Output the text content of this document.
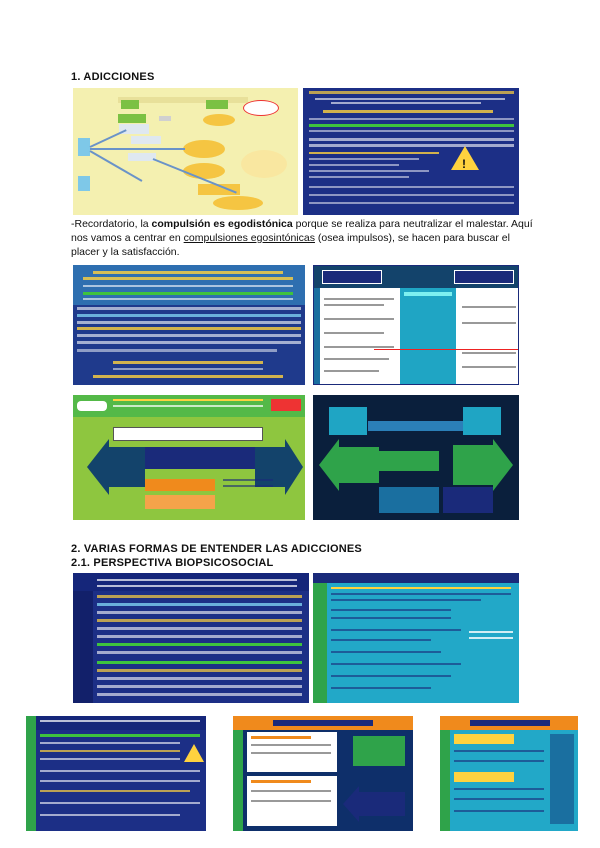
1. ADICCIONES
!
-Recordatorio, la compulsión es egodistónica porque se realiza para neutralizar el malestar. Aquí nos vamos a centrar en compulsiones egosintónicas (osea impulsos), se hacen para buscar el placer y la satisfacción.
2. VARIAS FORMAS DE ENTENDER LAS ADICCIONES
2.1. PERSPECTIVA BIOPSICOSOCIAL
